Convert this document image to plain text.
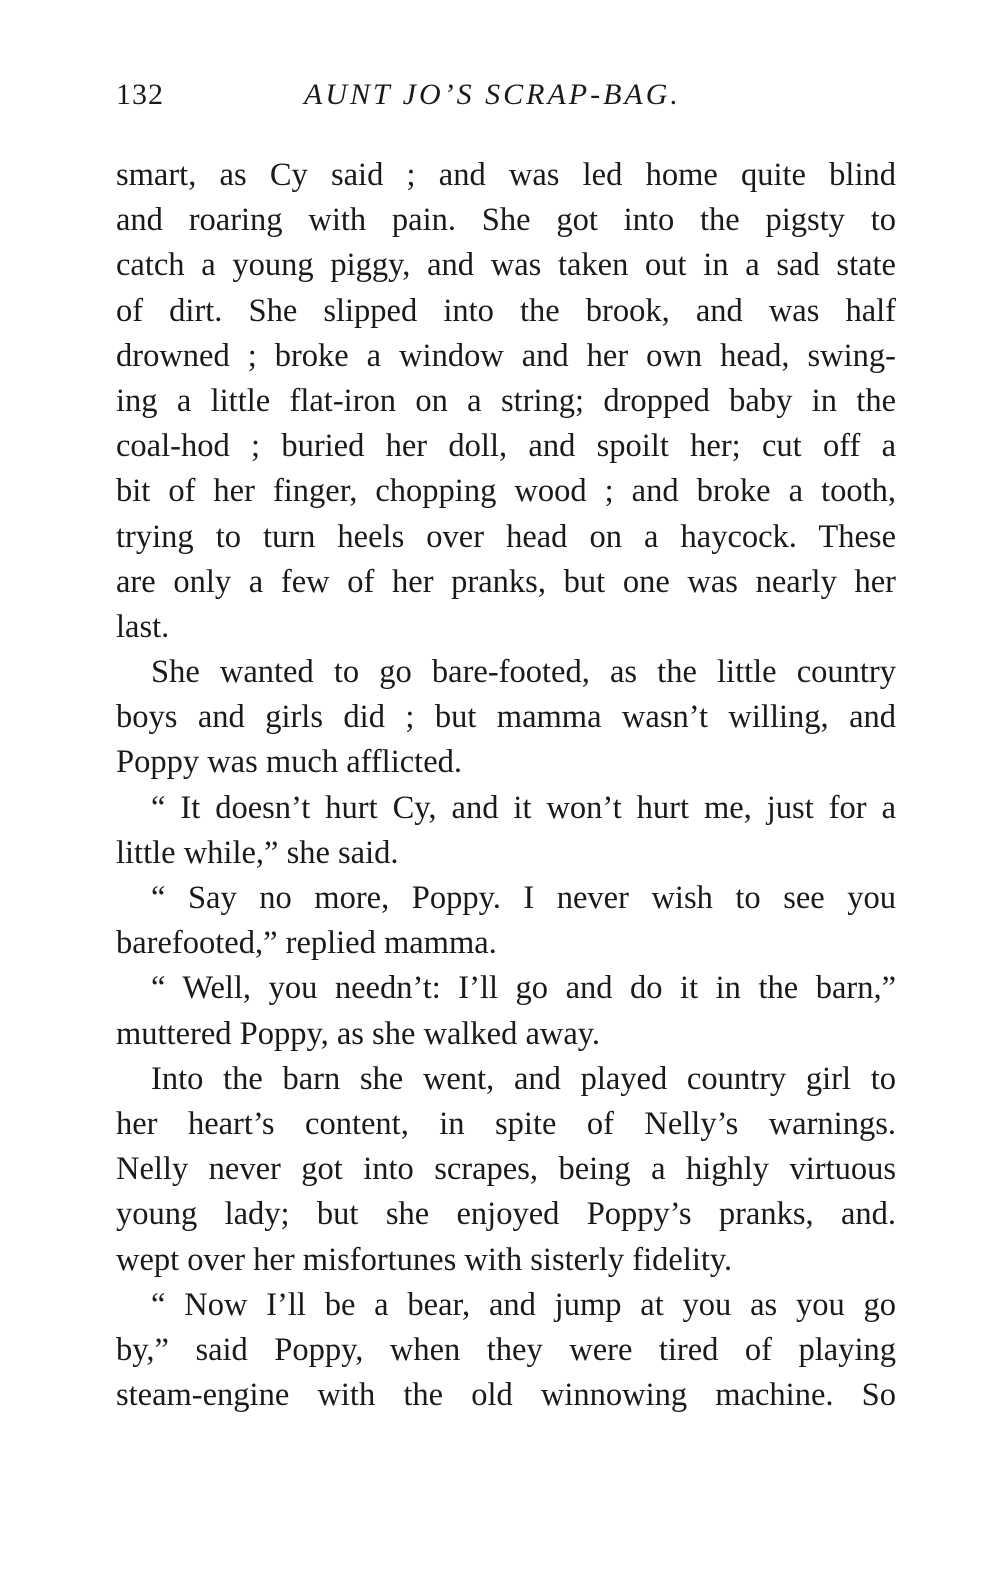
132	AUNT JO’S SCRAP-BAG.
smart, as Cy said ; and was led home quite blind
and roaring with pain. She got into the pigsty to
catch a young piggy, and was taken out in a sad state
of dirt. She slipped into the brook, and was half
drowned ; broke a window and her own head, swing-
ing a little flat-iron on a string; dropped baby in the
coal-hod ; buried her doll, and spoilt her; cut off a
bit of her finger, chopping wood ; and broke a tooth,
trying to turn heels over head on a haycock. These
are only a few of her pranks, but one was nearly her
last.
She wanted to go bare-footed, as the little country
boys and girls did ; but mamma wasn’t willing, and
Poppy was much afflicted.
“ It doesn’t hurt Cy, and it won’t hurt me, just for a
little while,” she said.
“ Say no more, Poppy. I never wish to see you
barefooted,” replied mamma.
“ Well, you needn’t: I’ll go and do it in the barn,”
muttered Poppy, as she walked away.
Into the barn she went, and played country girl to
her heart’s content, in spite of Nelly’s warnings.
Nelly never got into scrapes, being a highly virtuous
young lady; but she enjoyed Poppy’s pranks, and.
wept over her misfortunes with sisterly fidelity.
“ Now I’ll be a bear, and jump at you as you go
by,” said Poppy, when they were tired of playing
steam-engine with the old winnowing machine. So
